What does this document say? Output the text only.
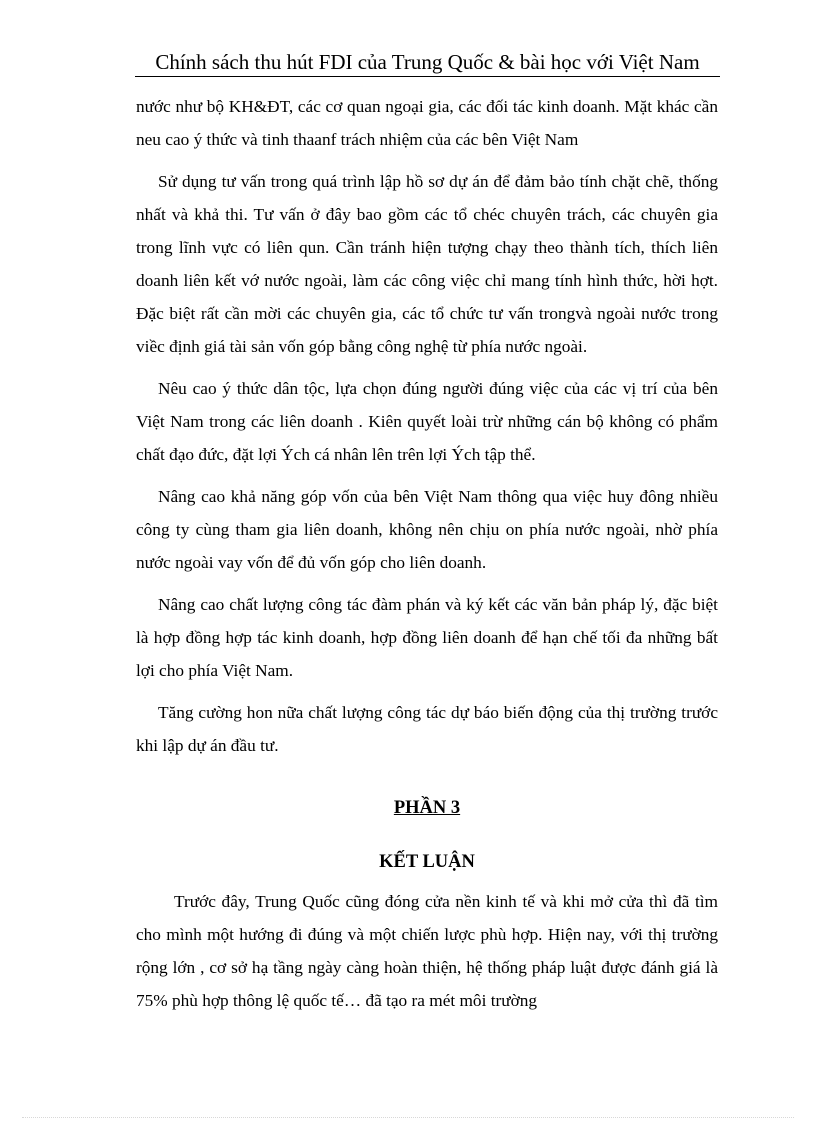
Chính sách thu hút FDI của Trung Quốc & bài học với Việt Nam

nước như bộ KH&ĐT, các cơ quan ngoại gia, các đối tác kinh doanh. Mặt khác cần neu cao ý thức và tinh thaanf trách nhiệm của các bên Việt Nam

Sử dụng tư vấn trong quá trình lập hồ sơ dự án để đảm bảo tính chặt chẽ, thống nhất và khả thi. Tư vấn ở đây bao gồm các tổ chéc chuyên trách, các chuyên gia trong lĩnh vực có liên qun. Cần tránh hiện tượng chạy theo thành tích, thích liên doanh liên kết vớ nước ngoài, làm các công việc chỉ mang tính hình thức, hời hợt. Đặc biệt rất cần mời các chuyên gia, các tổ chức tư vấn trongvà ngoài nước trong viềc định giá tài sản vốn góp bằng công nghệ từ phía nước ngoài.

Nêu cao ý thức dân tộc, lựa chọn đúng người đúng việc của các vị trí của bên Việt Nam trong các liên doanh . Kiên quyết loài trừ những cán bộ không có phẩm chất đạo đức, đặt lợi Ých cá nhân lên trên lợi Ých tập thể.

Nâng cao khả năng góp vốn của bên Việt Nam thông qua việc huy đông nhiều công ty cùng tham gia liên doanh, không nên chịu on phía nước ngoài, nhờ phía nước ngoài vay vốn để đủ vốn góp cho liên doanh.

Nâng cao chất lượng công tác đàm phán và ký kết các văn bản pháp lý, đặc biệt là hợp đồng hợp tác kinh doanh, hợp đồng liên doanh để hạn chế tối đa những bất lợi cho phía Việt Nam.

Tăng cường hon nữa chất lượng công tác dự báo biến động của thị trường trước khi lập dự án đầu tư.

PHẦN 3
KẾT LUẬN

Trước đây, Trung Quốc cũng đóng cửa nền kinh tế và khi mở cửa thì đã tìm cho mình một hướng đi đúng và một chiến lược phù hợp. Hiện nay, với thị trường rộng lớn , cơ sở hạ tầng ngày càng hoàn thiện, hệ thống pháp luật được đánh giá là 75% phù hợp thông lệ quốc tế… đã tạo ra mét môi trường
